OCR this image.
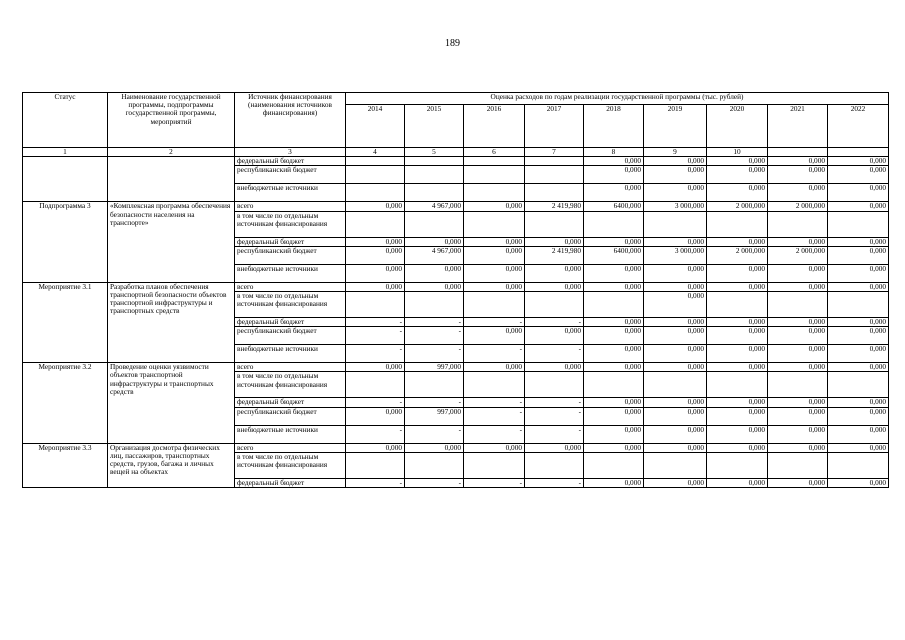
189
Статус	Наименование государственной программы, подпрограммы государственной программы, мероприятий	Источник финансирования (наименования источников финансирования)	Оценка расходов по годам реализации государственной программы (тыс. рублей)								
			2014	2015	2016	2017	2018	2019	2020	2021	2022
1	2	3	4	5	6	7	8	9	10		
		федеральный бюджет					0,000	0,000	0,000	0,000	0,000
		республиканский бюджет					0,000	0,000	0,000	0,000	0,000
		внебюджетные источники					0,000	0,000	0,000	0,000	0,000
Подпрограмма 3	«Комплексная программа обеспечения безопасности населения на транспорте»	всего	0,000	4 967,000	0,000	2 419,980	6400,000	3 000,000	2 000,000	2 000,000	0,000
		в том числе по отдельным источникам финансирования									
		федеральный бюджет	0,000	0,000	0,000	0,000	0,000	0,000	0,000	0,000	0,000
		республиканский бюджет	0,000	4 967,000	0,000	2 419,980	6400,000	3 000,000	2 000,000	2 000,000	0,000
		внебюджетные источники	0,000	0,000	0,000	0,000	0,000	0,000	0,000	0,000	0,000
Мероприятие 3.1	Разработка планов обеспечения транспортной безопасности объектов транспортной инфраструктуры и транспортных средств	всего	0,000	0,000	0,000	0,000	0,000	0,000	0,000	0,000	0,000
		в том числе по отдельным источникам финансирования						0,000			
		федеральный бюджет	-	-	-	-	0,000	0,000	0,000	0,000	0,000
		республиканский бюджет	-	-	0,000	0,000	0,000	0,000	0,000	0,000	0,000
		внебюджетные источники	-	-	-	-	0,000	0,000	0,000	0,000	0,000
Мероприятие 3.2	Проведение оценки уязвимости объектов транспортной инфраструктуры и транспортных средств	всего	0,000	997,000	0,000	0,000	0,000	0,000	0,000	0,000	0,000
		в том числе по отдельным источникам финансирования									
		федеральный бюджет	-	-	-	-	0,000	0,000	0,000	0,000	0,000
		республиканский бюджет	0,000	997,000	-	-	0,000	0,000	0,000	0,000	0,000
		внебюджетные источники	-	-	-	-	0,000	0,000	0,000	0,000	0,000
Мероприятие 3.3	Организация досмотра физических лиц, пассажиров, транспортных средств, грузов, багажа и личных вещей на объектах	всего	0,000	0,000	0,000	0,000	0,000	0,000	0,000	0,000	0,000
		в том числе по отдельным источникам финансирования									
		федеральный бюджет	-	-	-	-	0,000	0,000	0,000	0,000	0,000
